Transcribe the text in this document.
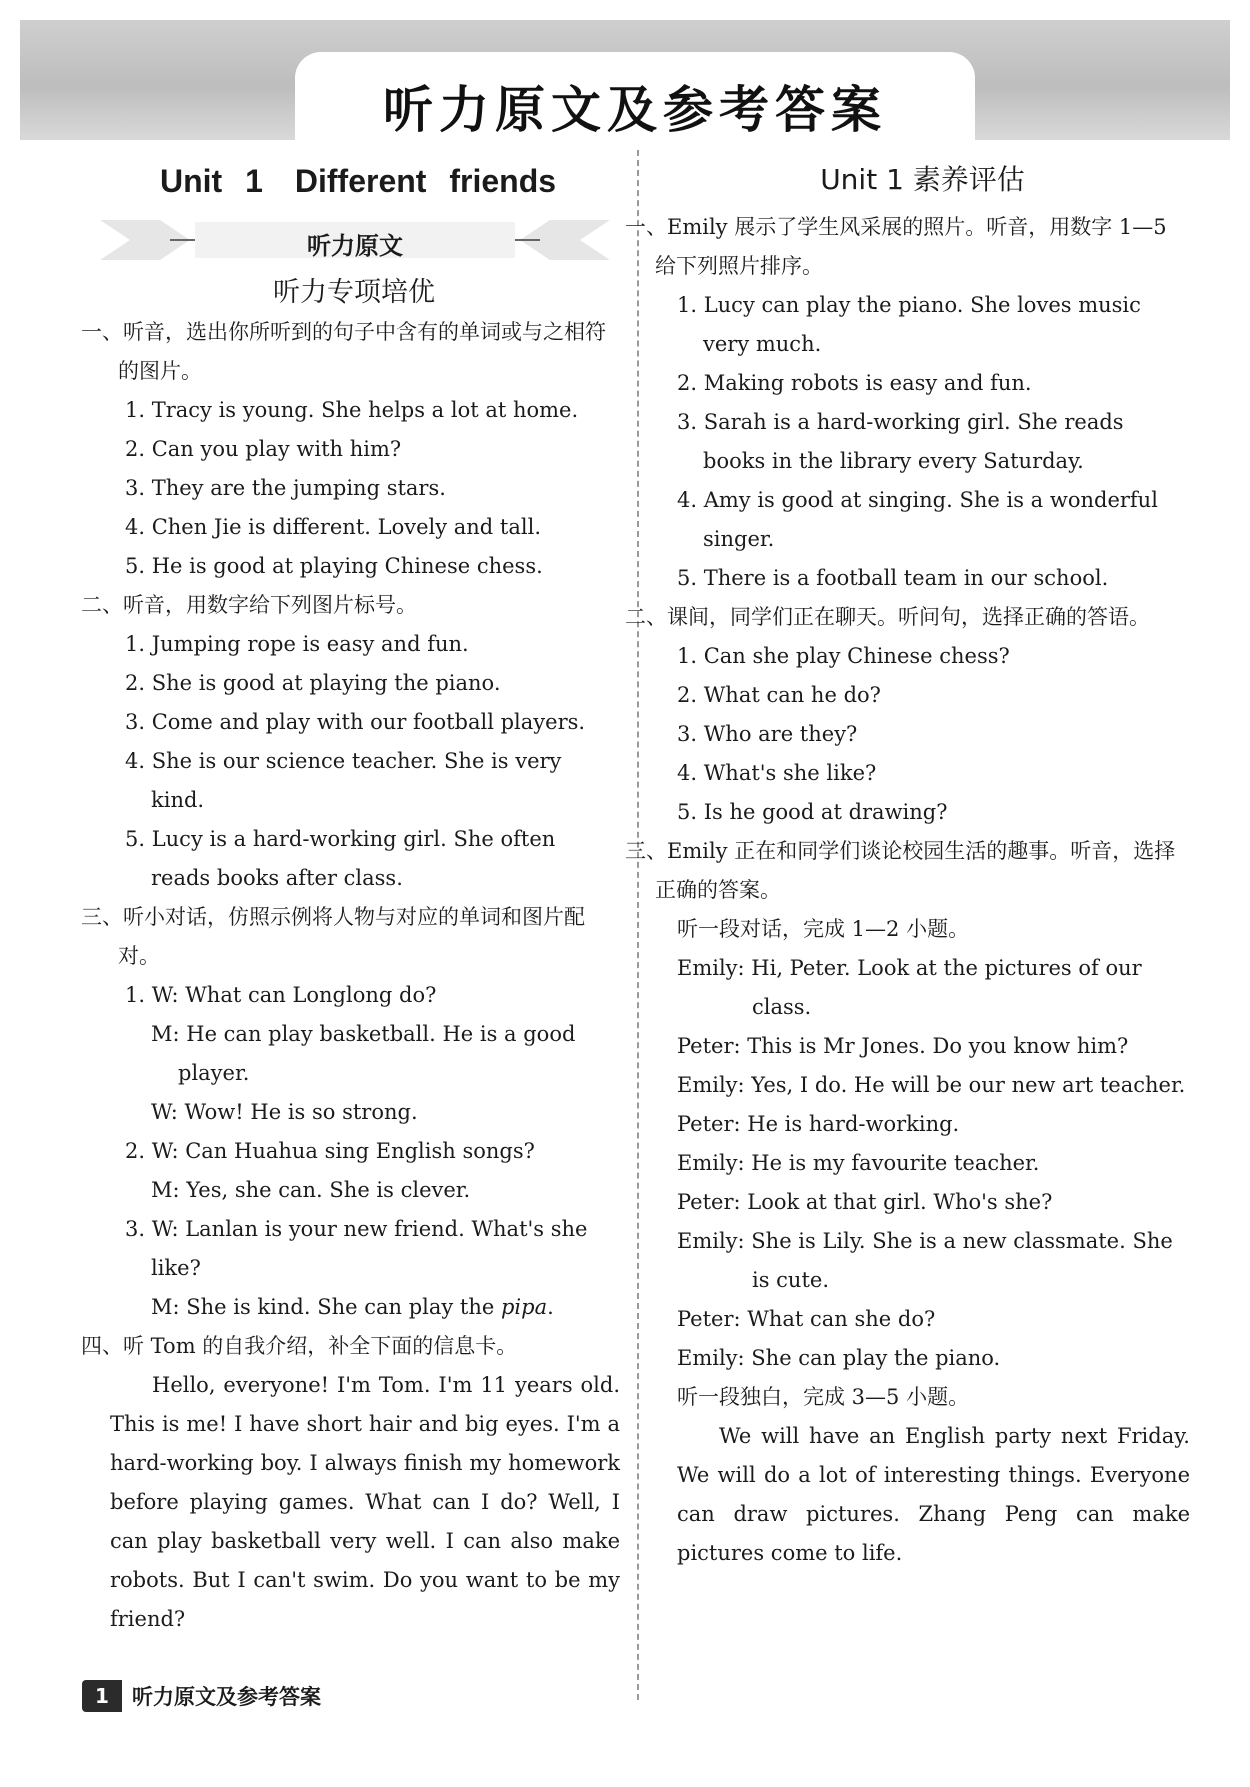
听力原文及参考答案
Unit 1　Different friends
听力原文
听力专项培优

一、听音，选出你所听到的句子中含有的单词或与之相符的图片。

1. Tracy is young. She helps a lot at home.

2. Can you play with him?

3. They are the jumping stars.

4. Chen Jie is different. Lovely and tall.

5. He is good at playing Chinese chess.

二、听音，用数字给下列图片标号。

1. Jumping rope is easy and fun.

2. She is good at playing the piano.

3. Come and play with our football players.

4. She is our science teacher. She is very kind.

5. Lucy is a hard-working girl. She often reads books after class.

三、听小对话，仿照示例将人物与对应的单词和图片配对。

1. W: What can Longlong do?

M: He can play basketball. He is a good player.

W: Wow! He is so strong.

2. W: Can Huahua sing English songs?

M: Yes, she can. She is clever.

3. W: Lanlan is your new friend. What's she like?

M: She is kind. She can play the pipa.

四、听 Tom 的自我介绍，补全下面的信息卡。

Hello, everyone! I'm Tom. I'm 11 years old. This is me! I have short hair and big eyes. I'm a hard-working boy. I always finish my homework before playing games. What can I do? Well, I can play basketball very well. I can also make robots. But I can't swim. Do you want to be my friend?

Unit 1 素养评估

一、Emily 展示了学生风采展的照片。听音，用数字 1—5 给下列照片排序。

1. Lucy can play the piano. She loves music very much.

2. Making robots is easy and fun.

3. Sarah is a hard-working girl. She reads books in the library every Saturday.

4. Amy is good at singing. She is a wonderful singer.

5. There is a football team in our school.

二、课间，同学们正在聊天。听问句，选择正确的答语。

1. Can she play Chinese chess?

2. What can he do?

3. Who are they?

4. What's she like?

5. Is he good at drawing?

三、Emily 正在和同学们谈论校园生活的趣事。听音，选择正确的答案。

听一段对话，完成 1—2 小题。

Emily: Hi, Peter. Look at the pictures of our class.

Peter: This is Mr Jones. Do you know him?

Emily: Yes, I do. He will be our new art teacher.

Peter: He is hard-working.

Emily: He is my favourite teacher.

Peter: Look at that girl. Who's she?

Emily: She is Lily. She is a new classmate. She is cute.

Peter: What can she do?

Emily: She can play the piano.

听一段独白，完成 3—5 小题。

We will have an English party next Friday. We will do a lot of interesting things. Everyone can draw pictures. Zhang Peng can make pictures come to life.

1	听力原文及参考答案
